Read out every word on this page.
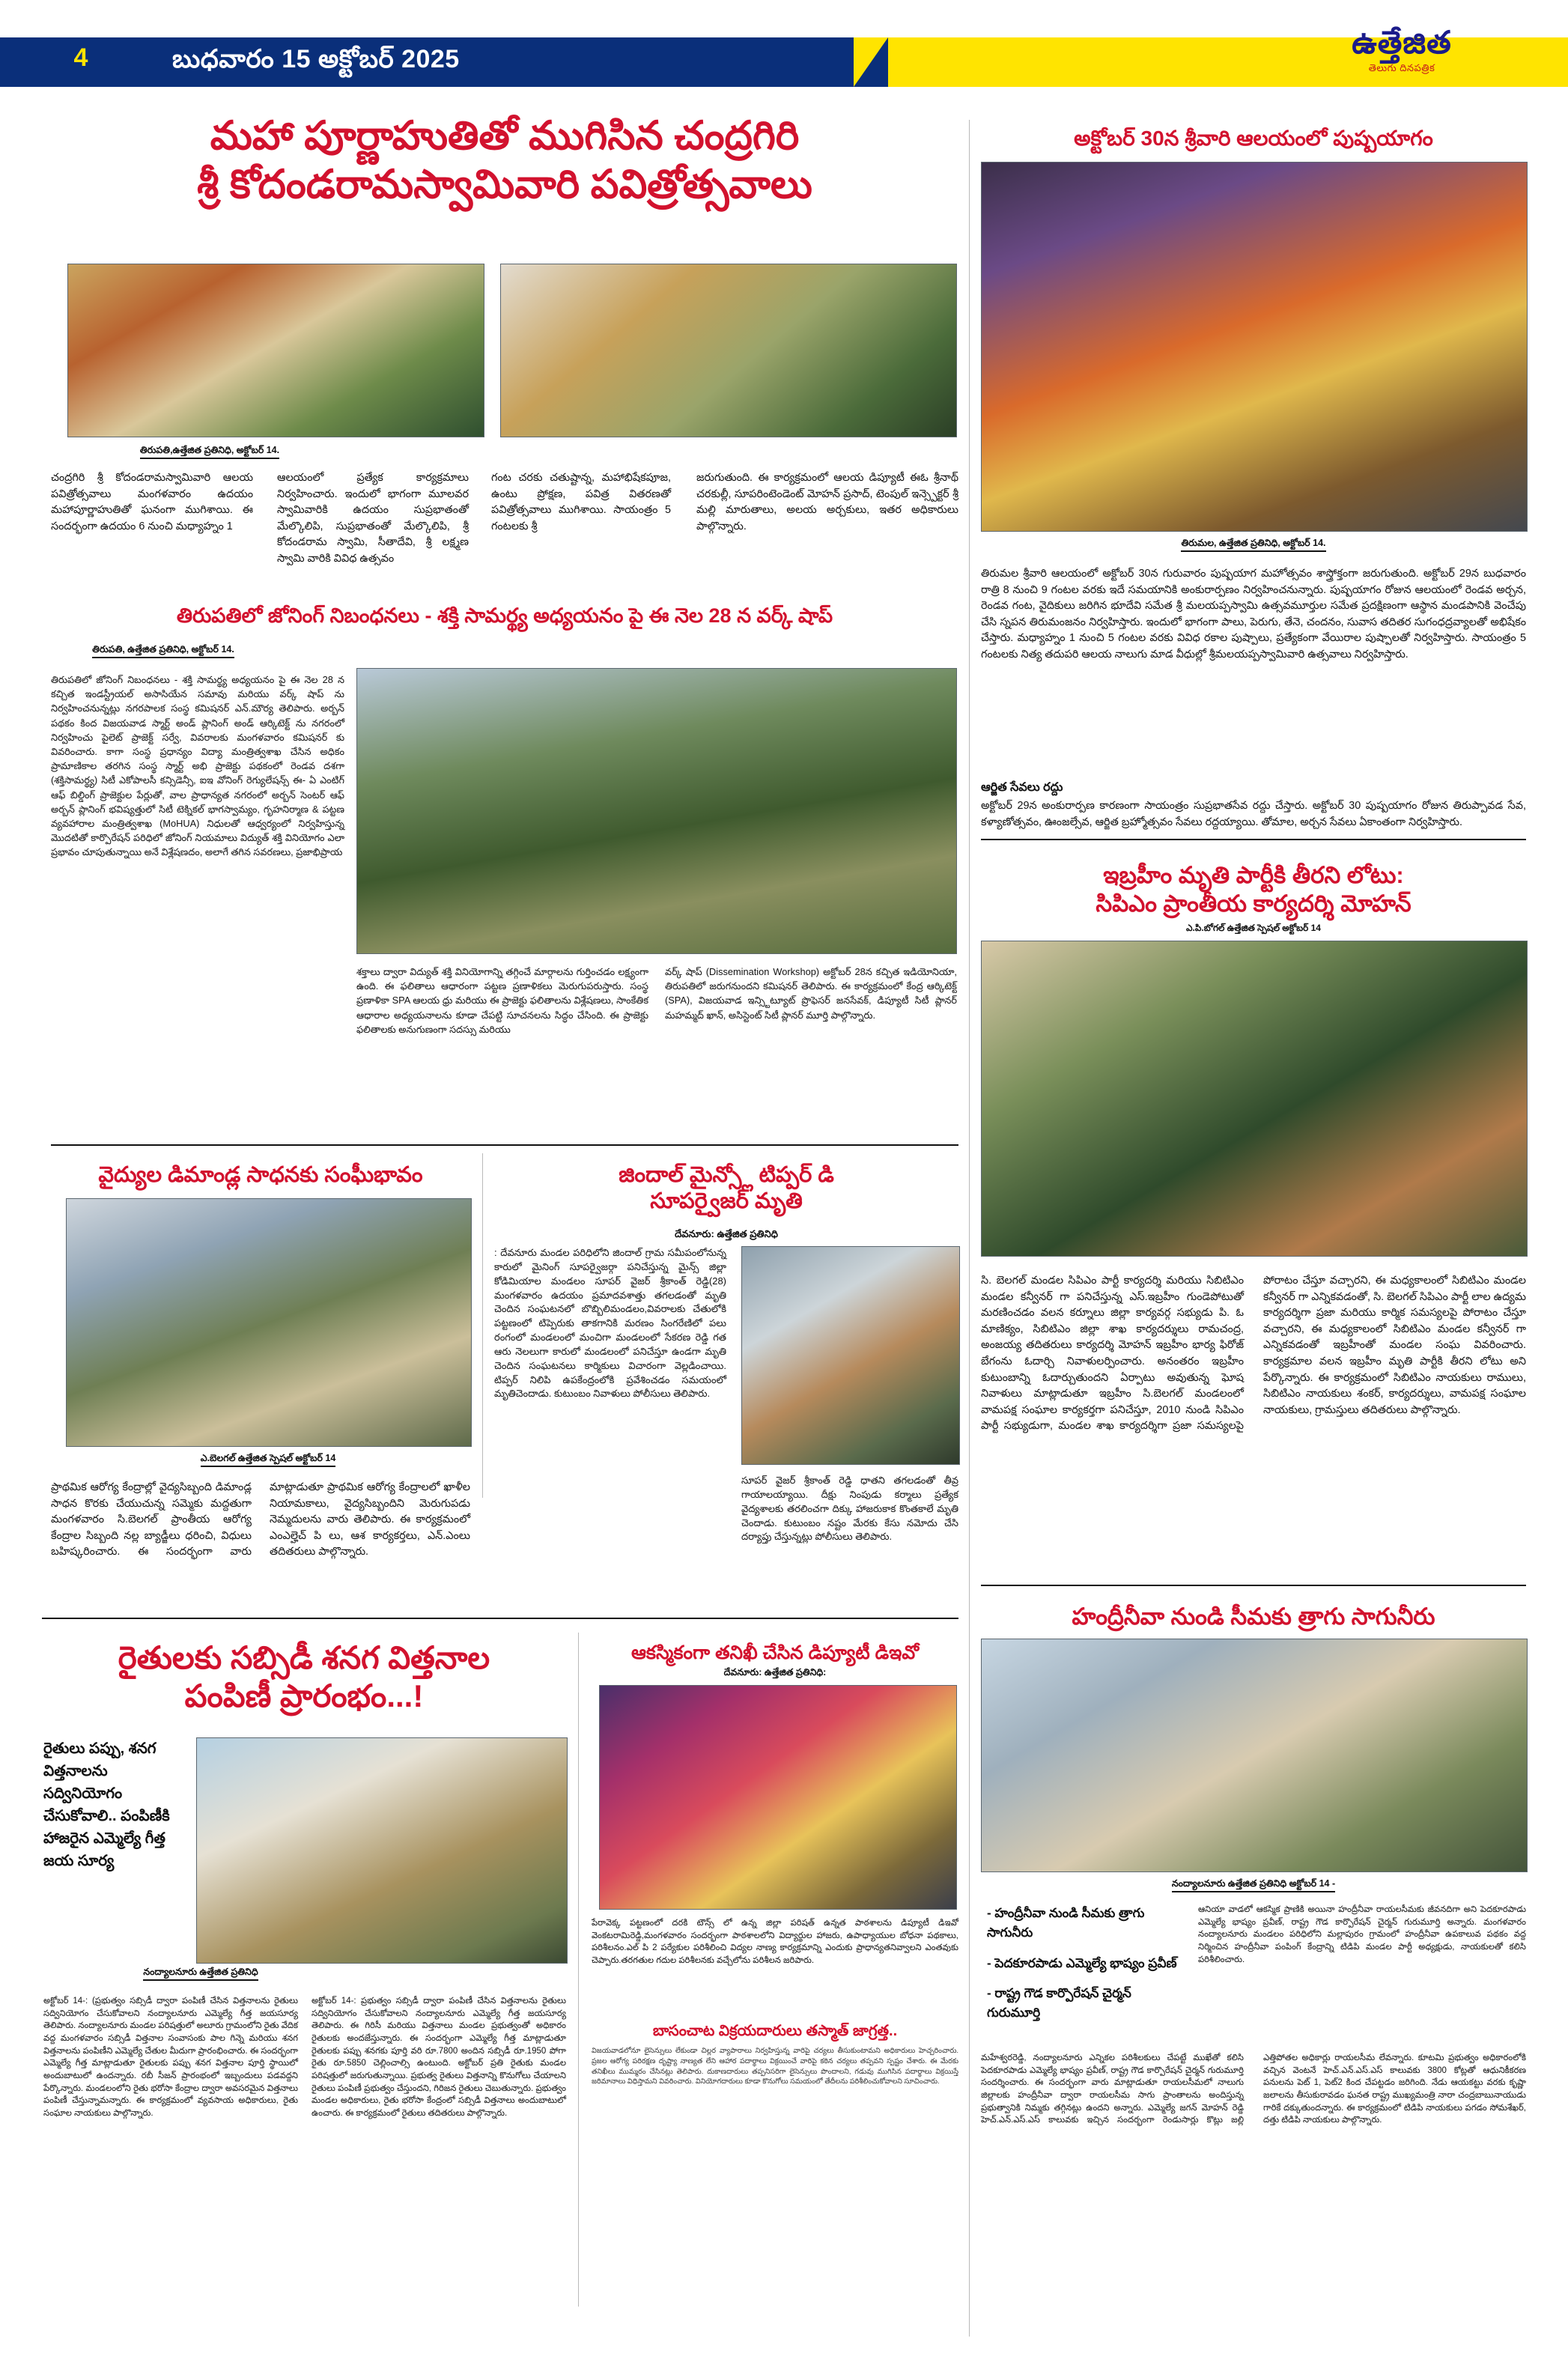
4	బుధవారం 15 అక్టోబర్ 2025	ఉత్తేజిత
తెలుగు దినపత్రిక
మహా పూర్ణాహుతితో ముగిసిన చంద్రగిరి
శ్రీ కోదండరామస్వామివారి పవిత్రోత్సవాలు
తిరుపతి,ఉత్తేజిత ప్రతినిధి, అక్టోబర్ 14.
చంద్రగిరి శ్రీ కోదండరామస్వామివారి ఆలయ పవిత్రోత్సవాలు మంగళవారం ఉదయం మహాపూర్ణాహుతితో ఘనంగా ముగిశాయి. ఈ సందర్భంగా ఉదయం 6 నుంచి మధ్యాహ్నం 1
ఆలయంలో ప్రత్యేక కార్యక్రమాలు నిర్వహించారు. ఇందులో భాగంగా మూలవర స్వామివారికి ఉదయం సుప్రభాతంతో మేల్కొలిపి, సుప్రభాతంతో మేల్కొలిపి, శ్రీ కోదండరామ స్వామి, సీతాదేవి, శ్రీ లక్ష్మణ స్వామి వారికి వివిధ ఉత్సవం
గంట చరకు చతుష్టాన్న, మహాభిషేకపూజ, ఉంటు ప్రోక్షణ, పవిత్ర వితరణతో పవిత్రోత్సవాలు ముగిశాయి. సాయంత్రం 5 గంటలకు శ్రీ
జరుగుతుంది. ఈ కార్యక్రమంలో ఆలయ డిప్యూటీ ఈఓ శ్రీనాథ్ చరకుల్లీ, సూపరింటెండెంట్ మోహన్ ప్రసాద్, టెంపుల్ ఇన్స్పెక్టర్ శ్రీ మల్లి మారుతాలు, అలయ అర్చకులు, ఇతర అధికారులు పాల్గొన్నారు.
అక్టోబర్ 30న శ్రీవారి ఆలయంలో పుష్పయాగం
తిరుమల, ఉత్తేజిత ప్రతినిధి, అక్టోబర్ 14.
తిరుమల శ్రీవారి ఆలయంలో అక్టోబర్ 30న గురువారం పుష్పయాగ మహోత్సవం శాస్త్రోక్తంగా జరుగుతుంది. అక్టోబర్ 29న బుధవారం రాత్రి 8 నుంచి 9 గంటల వరకు ఇదే సమయానికి అంకురార్పణం నిర్వహించనున్నారు. పుష్పయాగం రోజున ఆలయంలో రెండవ అర్చన, రెండవ గంట, వైదికులు జరిగిన భూదేవి సమేత శ్రీ మలయప్పస్వామి ఉత్సవమూర్తుల సమేత ప్రదక్షిణంగా ఆస్థాన మండపానికి వెంచేపు చేసి స్నపన తిరుమంజనం నిర్వహిస్తారు. ఇందులో భాగంగా పాలు, పెరుగు, తేనె, చందనం, సువాస తదితర సుగంధద్రవ్యాలతో అభిషేకం చేస్తారు. మధ్యాహ్నం 1 నుంచి 5 గంటల వరకు వివిధ రకాల పుష్పాలు, ప్రత్యేకంగా వేయిరాల పుష్పాలతో నిర్వహిస్తారు. సాయంత్రం 5 గంటలకు నిత్య తదుపరి ఆలయ నాలుగు మాడ వీధుల్లో శ్రీమలయప్పస్వామివారి ఉత్సవాలు నిర్వహిస్తారు.
ఆర్జిత సేవలు రద్దు
అక్టోబర్ 29న అంకురార్పణ కారణంగా సాయంత్రం సుప్రభాతసేవ రద్దు చేస్తారు. అక్టోబర్ 30 పుష్పయాగం రోజున తిరుప్పావడ సేవ, కళ్యాణోత్సవం, ఊంజల్సేవ, ఆర్జిత బ్రహ్మోత్సవం సేవలు రద్దయ్యాయి. తోమాల, అర్చన సేవలు ఏకాంతంగా నిర్వహిస్తారు.
తిరుపతిలో జోనింగ్ నిబంధనలు - శక్తి సామర్థ్య అధ్యయనం పై ఈ నెల 28 న వర్క్ షాప్
తిరుపతి, ఉత్తేజిత ప్రతినిధి, అక్టోబర్ 14.
తిరుపతిలో జోనింగ్ నిబంధనలు - శక్తి సామర్థ్య అధ్యయనం పై ఈ నెల 28 న కచ్చిత ఇండస్ట్రీయల్ అసాసియేన సమావు మరియు వర్క్ షాప్ ను నిర్వహించనున్నట్లు నగరపాలక సంస్థ కమిషనర్ ఎన్.మౌర్య తెలిపారు. అర్బన్ పథకం కింద విజయవాడ స్మార్ట్ అండ్ ప్లానింగ్ అండ్ ఆర్కిటెక్ట్ ను నగరంలో నిర్వహించు పైలెట్ ప్రాజెక్ట్ సర్వే, వివరాలకు మంగళవారం కమిషనర్ కు వివరించారు. కాగా సంస్థ ప్రధాన్యం విద్యా మంత్రిత్వశాఖ చేసిన అధికం ప్రామాణికాల తరగిన సంస్థ స్మార్ట్ అభి ప్రాజెక్టు పథకంలో రెండవ దశగా (శక్తిసామర్థ్య) సిటీ ఎకోపాలసీ కన్సిడెన్సీ, ఐఇ వోనింగ్ రెగ్యులేషన్స్ ఈ- ఏ ఎంటిగ్ ఆఫ్ బిల్డింగ్ ప్రాజెక్టుల పేర్లుతో, వాల ప్రాధాన్యత నగరంలో అర్బన్ సెంటర్ ఆఫ్ అర్బన్ ప్లానింగ్ భవిష్యత్తులో సిటీ టెక్నికల్ భాగస్వామ్యం, గృహనిర్మాణ & పట్టణ వ్యవహారాల మంత్రిత్వశాఖ (MoHUA) నిధులతో ఆధ్వర్యంలో నిర్వహిస్తున్న మొదటితో కార్పొరేషన్ పరిధిలో జోనింగ్ నియమాలు విద్యుత్ శక్తి వినియోగం ఎలా ప్రభావం చూపుతున్నాయి అనే విశ్లేషణదం, అలాగే తగిన సవరణలు, ప్రజాభిప్రాయ
శక్తాలు ద్వారా విద్యుత్ శక్తి వినియోగాన్ని తగ్గించే మార్గాలను గుర్తించడం లక్ష్యంగా ఉంది. ఈ ఫలితాలు ఆధారంగా పట్టణ ప్రణాళికలు మెరుగుపరుస్తారు. సంస్థ ప్రణాళికా SPA ఆలయ ధ్రు మరియు ఈ ప్రాజెక్టు ఫలితాలను విశ్లేషణలు, సాంకేతిక ఆధారాల అధ్యయనాలను కూడా చేపట్టి సూచనలను సిద్ధం చేసింది. ఈ ప్రాజెక్టు ఫలితాలకు అనుగుణంగా సదస్సు మరియు
వర్క్ షాప్ (Dissemination Workshop) అక్టోబర్ 28న కచ్చిత ఇడియోనియా, తిరుపతిలో జరుగనుందని కమిషనర్ తెలిపారు. ఈ కార్యక్రమంలో కేంద్ర ఆర్కిటెక్ట్ (SPA), విజయవాడ ఇన్స్టిట్యూట్ ప్రొఫెసర్ జనసేవక్, డిప్యూటీ సిటీ ప్లానర్ మహమ్మద్ ఖాన్, అసిస్టెంట్ సిటీ ప్లానర్ మూర్తి పాల్గొన్నారు.
ఇబ్రహీం మృతి పార్టీకి తీరని లోటు:
సిపిఎం ప్రాంతీయ కార్యదర్శి మోహన్
ఎ.పి.బోగల్ ఉత్తేజిత స్పెషల్ అక్టోబర్ 14
సి. బెలగల్ మండల సిపిఎం పార్టీ కార్యదర్శి మరియు సిబిటిఎం మండల కన్వీనర్ గా పనిచేస్తున్న ఎస్.ఇబ్రహీం గుండెపోటుతో మరణించడం వలన కర్నూలు జిల్లా కార్యవర్గ సభ్యుడు పి. ఓ మాణిక్యం, సిబిటిఎం జిల్లా శాఖ కార్యదర్శులు రామచంద్ర, అంజయ్య తదితరులు కార్యదర్శి మోహన్ ఇబ్రహీం భార్య ఫిరోజ్ బేగంను ఓదార్చి నివాళులర్పించారు. అనంతరం ఇబ్రహీం కుటుంబాన్ని ఓదార్చుతుందని ఏర్పాటు అవుతున్న ఘోష నివాళులు మాట్లాడుతూ ఇబ్రహీం సి.బెలగల్ మండలంలో వామపక్ష సంఘాల కార్యకర్తగా పనిచేస్తూ, 2010 నుండి సిపిఎం పార్టీ సభ్యుడుగా, మండల శాఖ కార్యదర్శిగా ప్రజా సమస్యలపై పోరాటం చేస్తూ వచ్చారని, ఈ మధ్యకాలంలో సిబిటిఎం మండల కన్వీనర్ గా ఎన్నికవడంతో, సి. బెలగల్ సిపిఎం పార్టీ లాల ఉద్యమ కార్యదర్శిగా ప్రజా మరియు కార్మిక సమస్యలపై పోరాటం చేస్తూ వచ్చారని, ఈ మధ్యకాలంలో సిబిటిఎం మండల కన్వీనర్ గా ఎన్నికవడంతో ఇబ్రహీంతో మండల సంఘ వివరించారు. కార్యక్రమాల వలన ఇబ్రహీం మృతి పార్టీకి తీరని లోటు అని పేర్కొన్నారు. ఈ కార్యక్రమంలో సిబిటిఎం నాయకులు రాములు, సిబిటిఎం నాయకులు శంకర్, కార్యదర్శులు, వామపక్ష సంఘాల నాయకులు, గ్రామస్తులు తదితరులు పాల్గొన్నారు.
వైద్యుల డిమాండ్ల సాధనకు సంఘీభావం
ఎ.బెలగల్ ఉత్తేజిత స్పెషల్ అక్టోబర్ 14
ప్రాథమిక ఆరోగ్య కేంద్రాల్లో వైద్యసిబ్బంది డిమాండ్ల సాధన కొరకు చేయుచున్న సమ్మెకు మద్దతుగా మంగళవారం సి.బెలగల్ ప్రాంతీయ ఆరోగ్య కేంద్రాల సిబ్బంది నల్ల బ్యాడ్జీలు ధరించి, విధులు బహిష్కరించారు. ఈ సందర్భంగా వారు మాట్లాడుతూ ప్రాథమిక ఆరోగ్య కేంద్రాలలో ఖాళీల నియామకాలు, వైద్యసిబ్బందిని మెరుగుపడు నెమ్మదులను వారు తెలిపారు. ఈ కార్యక్రమంలో ఎంఎల్హెచ్ పి లు, ఆశ కార్యకర్తలు, ఎన్.ఎంలు తదితరులు పాల్గొన్నారు.
జిందాల్ మైన్స్లో టిప్పర్ డి
సూపర్వైజర్ మృతి
దేవనూరు: ఉత్తేజిత ప్రతినిధి
: దేవనూరు మండల పరిధిలోని జిందాల్ గ్రామ సమీపంలోనున్న కారులో మైనింగ్ సూపర్వైజర్గా పనిచేస్తున్న మైన్స్ జిల్లా కోడిమియాల మండలం సూపర్ వైజర్ శ్రీకాంత్ రెడ్డి(28) మంగళవారం ఉదయం ప్రమాదవశాత్తు తగలడంతో మృతి చెందిన సంఘటనలో బొబ్బిలిమండలం,వివరాలకు చేతులోకి పట్టణంలో టిప్పెరుకు తాకగానికి మరణం సింగరేణిలో పలు రంగంలో మండలంలో మంచిగా మండలంలో సేకరణ రెడ్డి గత ఆరు నెలలుగా కారులో మండలంలో పనిచేస్తూ ఉండగా మృతి చెందిన సంఘటనలు కార్మికులు విచారంగా వెల్లడించాయి. టిప్పర్ నిలిపి ఉపకేంద్రంలోకి ప్రవేశించడం సమయంలో మృతిచెందాడు. కుటుంబం నివాళులు పోలీసులు తెలిపారు.
సూపర్ వైజర్ శ్రీకాంత్ రెడ్డి ధాతని తగలడంతో తీవ్ర గాయాలయ్యాయి. దీక్షు నింపుడు కర్మాలు ప్రత్యేక వైద్యశాలకు తరలించగా దిక్కు హాజరుకాక కొంతకాలే మృతి చెందాడు. కుటుంబం నష్టం మేరకు కేసు నమోదు చేసి దర్యాప్తు చేస్తున్నట్లు పోలీసులు తెలిపారు.
రైతులకు సబ్సిడీ శనగ విత్తనాల
పంపిణీ ప్రారంభం...!
రైతులు పప్పు, శనగ విత్తనాలను సద్వినియోగం చేసుకోవాలి.. పంపిణీకి హాజరైన ఎమ్మెల్యే గీత్త జయ సూర్య
నంద్యాలనూరు ఉత్తేజిత ప్రతినిధి
అక్టోబర్ 14-: (ప్రభుత్వం సబ్సిడీ ద్వారా పంపిణీ చేసిన విత్తనాలను రైతులు సద్వినియోగం చేసుకోవాలని నంద్యాలనూరు ఎమ్మెల్యే గీత్త జయసూర్య తెలిపారు. నంద్యాలనూరు మండల పరిషత్తులో అలూరు గ్రామంలోని రైతు వేదిక వద్ద మంగళవారం సబ్సిడీ విత్తనాల సంవాసంకు పాల గిన్నె మరియు శనగ విత్తనాలను పంపిణీని ఎమ్మెల్యే చేతుల మీదుగా ప్రారంభించారు. ఈ సందర్భంగా ఎమ్మెల్యే గీత్త మాట్లాడుతూ రైతులకు పప్పు శనగ విత్తనాల పూర్తి స్థాయిలో అందుబాటులో ఉందన్నారు. రబీ సీజన్ ప్రారంభంలో ఇబ్బందులు పడవద్దని పేర్కొన్నారు. మండలంలోని రైతు భరోసా కేంద్రాల ద్వారా అవసరమైన విత్తనాలు పంపిణీ చేస్తున్నామన్నారు. ఈ కార్యక్రమంలో వ్యవసాయ అధికారులు, రైతు సంఘాల నాయకులు పాల్గొన్నారు.
అక్టోబర్ 14-: ప్రభుత్వం సబ్సిడీ ద్వారా పంపిణీ చేసిన విత్తనాలను రైతులు సద్వినియోగం చేసుకోవాలని నంద్యాలనూరు ఎమ్మెల్యే గీత్త జయసూర్య తెలిపారు. ఈ గిరిసీ మరియు విత్తనాలు మండల ప్రభుత్వంతో అధికారం రైతులకు అందజేస్తున్నారు. ఈ సందర్భంగా ఎమ్మెల్యే గీత్త మాట్లాడుతూ రైతులకు పప్పు శనగకు పూర్తి వరి రూ.7800 అందిన సబ్సిడీ రూ.1950 పోగా రైతు రూ.5850 చెల్లించాల్సి ఉంటుంది. అక్టోబర్ ప్రతి రైతుకు మండల పరిషత్తులో జరుగుతున్నాయి. ప్రభుత్వ రైతులు విత్తనాన్ని కొనుగోలు చేయాలని రైతులు పంపిణీ ప్రభుత్వం చేస్తుందని, గిరిజన రైతులు చెబుతున్నారు. ప్రభుత్వం మండల అధికారులు, రైతు భరోసా కేంద్రంలో సబ్సిడీ విత్తనాలు అందుబాటులో ఉంచారు. ఈ కార్యక్రమంలో రైతులు తదితరులు పాల్గొన్నారు.
ఆకస్మికంగా తనిఖీ చేసిన డిప్యూటీ డిఇవో
దేవనూరు: ఉత్తేజిత ప్రతినిధి:
పేరావెక్క పట్టణంలో దరకి టౌన్స్ లో ఉన్న జిల్లా పరిషత్ ఉన్నత పాఠశాలను డిప్యూటీ డిఇవో వెంకటరామిరెడ్డి,మంగళవారం సందర్భంగా పాఠశాలలోని విద్యార్థుల హాజరు, ఉపాధ్యాయుల బోధనా పథకాలు, పరిశీలనం.ఎల్ పి 2 పర్యేకుల పరిశీలించి విద్యల నాణ్య కార్యక్రమాన్ని ఎందుకు ప్రాధాన్యతనివ్వాలని ఎంతవుకు చెప్పారు.తరగతుల గదుల పరిశీలనకు వచ్చేలోను పరిశీలన జరిపారు.
బాసంచాట విక్రయదారులు తస్మాత్ జాగ్రత్త..
విజయవాడలోనూ లైసెన్సులు లేకుండా చిల్లర వ్యాపారాలు నిర్వహిస్తున్న వారిపై చర్యలు తీసుకుంటామని అధికారులు హెచ్చరించారు. ప్రజల ఆరోగ్య పరిరక్షణ దృష్ట్యా నాణ్యత లేని ఆహార పదార్థాలు విక్రయించే వారిపై కఠిన చర్యలు తప్పవని స్పష్టం చేశారు. ఈ మేరకు తనిఖీలు ముమ్మరం చేసినట్లు తెలిపారు. దుకాణదారులు తప్పనిసరిగా లైసెన్సులు పొందాలని, గడువు ముగిసిన పదార్థాలు విక్రయిస్తే జరిమానాలు విధిస్తామని వివరించారు. వినియోగదారులు కూడా కొనుగోలు సమయంలో తేదీలను పరిశీలించుకోవాలని సూచించారు.
హంద్రీనీవా నుండి సీమకు త్రాగు సాగునీరు
నంద్యాలనూరు ఉత్తేజిత ప్రతినిధి అక్టోబర్ 14 -
- హంద్రీనీవా నుండి సీమకు త్రాగు సాగునీరు
- పెదకూరపాడు ఎమ్మెల్యే భాష్యం ప్రవీణ్
- రాష్ట్ర గౌడ కార్పొరేషన్ చైర్మన్ గురుమూర్తి
ఆనియా వాడలో ఆకస్మిక ప్రాణికి అయినా హంద్రీనీవా రాయలసీమకు జీవనదిగా అని పెదకూరపాడు ఎమ్మెల్యే భాష్యం ప్రవీణ్, రాష్ట్ర గౌడ కార్పొరేషన్ చైర్మన్ గురుమూర్తి అన్నారు. మంగళవారం నంద్యాలనూరు మండలం పరిధిలోని మల్లాపురం గ్రామంలో హంద్రీనీవా ఉపకాలువ పథకం వద్ద నిర్మించిన హంద్రీనీవా పంపింగ్ కేంద్రాన్ని టిడిపి మండల పార్టీ అధ్యక్షుడు, నాయకులతో కలిసి పరిశీలించారు.
మహేశ్వరరెడ్డి, నంద్యాలనూరు ఎన్నికల పరిశీలకులు చేపట్టే ముఖేతో కలిసి పెదకూరపాడు ఎమ్మెల్యే భాష్యం ప్రవీణ్, రాష్ట్ర గౌడ కార్పొరేషన్ చైర్మన్ గురుమూర్తి సందర్శించారు. ఈ సందర్భంగా వారు మాట్లాడుతూ రాయలసీమలో నాలుగు జిల్లాలకు హంద్రీనీవా ద్వారా రాయలసీమ సాగు ప్రాంతాలను అందిస్తున్న ప్రభుత్వానికి నిమ్మకు తగ్గినట్లు ఉందని అన్నారు. ఎమ్మెల్యే జగన్ మోహన్ రెడ్డి హెచ్.ఎన్.ఎస్.ఎస్ కాలువకు ఇచ్చిన సందర్భంగా రెండుసార్లు కొట్లు జల్లి ఎత్తిపోతల అధికార్లు రాయలసీమ లేవన్నారు. కూటమి ప్రభుత్వం అధికారంలోకి వచ్చిన వెంటనే హెచ్.ఎన్.ఎస్.ఎస్ కాలువకు 3800 కోట్లతో ఆధునికీకరణ పనులను పెట్ 1, పెట్2 కింద చేపట్టడం జరిగింది. నేడు ఆయకట్టు వరకు కృష్ణా జలాలను తీసుకురావడం ఘనత రాష్ట్ర ముఖ్యమంత్రి నారా చంద్రబాబునాయుడు గారికే దక్కుతుందన్నారు. ఈ కార్యక్రమంలో టిడిపి నాయకులు పగడం సోమశేఖర్, దత్తు టిడిపి నాయకులు పాల్గొన్నారు.
